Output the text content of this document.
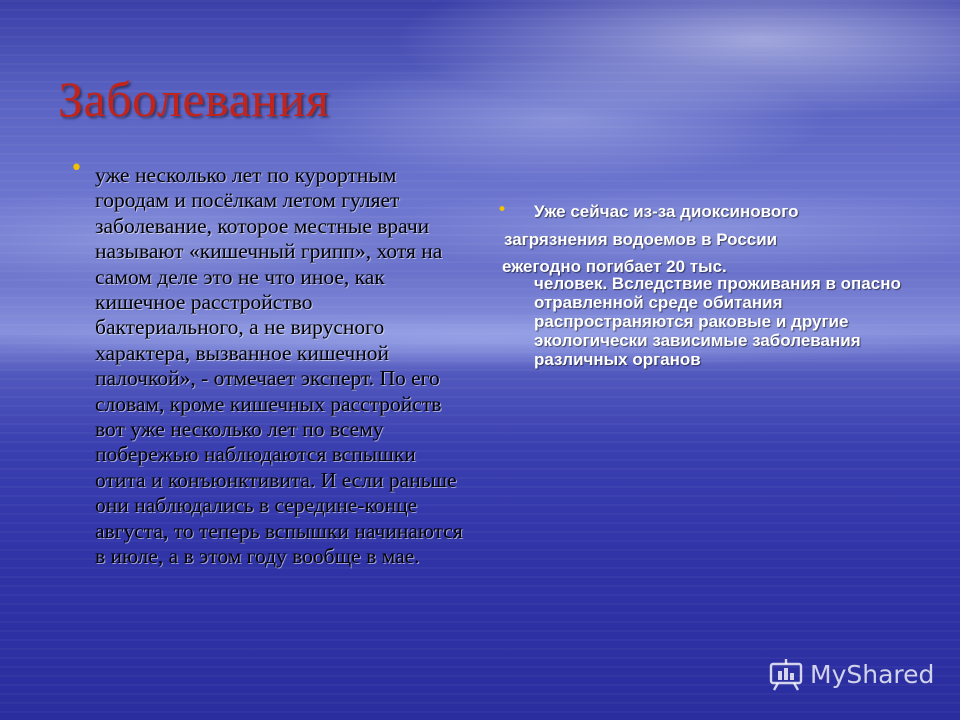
Заболевания
• уже несколько лет по курортным городам и посёлкам летом гуляет заболевание, которое местные врачи называют «кишечный грипп», хотя на самом деле это не что иное, как кишечное расстройство бактериального, а не вирусного характера, вызванное кишечной палочкой», - отмечает эксперт. По его словам, кроме кишечных расстройств вот уже несколько лет по всему побережью наблюдаются вспышки отита и конъюнктивита. И если раньше они наблюдались в середине-конце августа, то теперь вспышки начинаются в июле, а в этом году вообще в мае.

• Уже сейчас из-за диоксинового
загрязнения водоемов в России
ежегодно погибает 20 тыс.

человек. Вследствие проживания в опасно отравленной среде обитания распространяются раковые и другие экологически зависимые заболевания различных органов

MyShared
